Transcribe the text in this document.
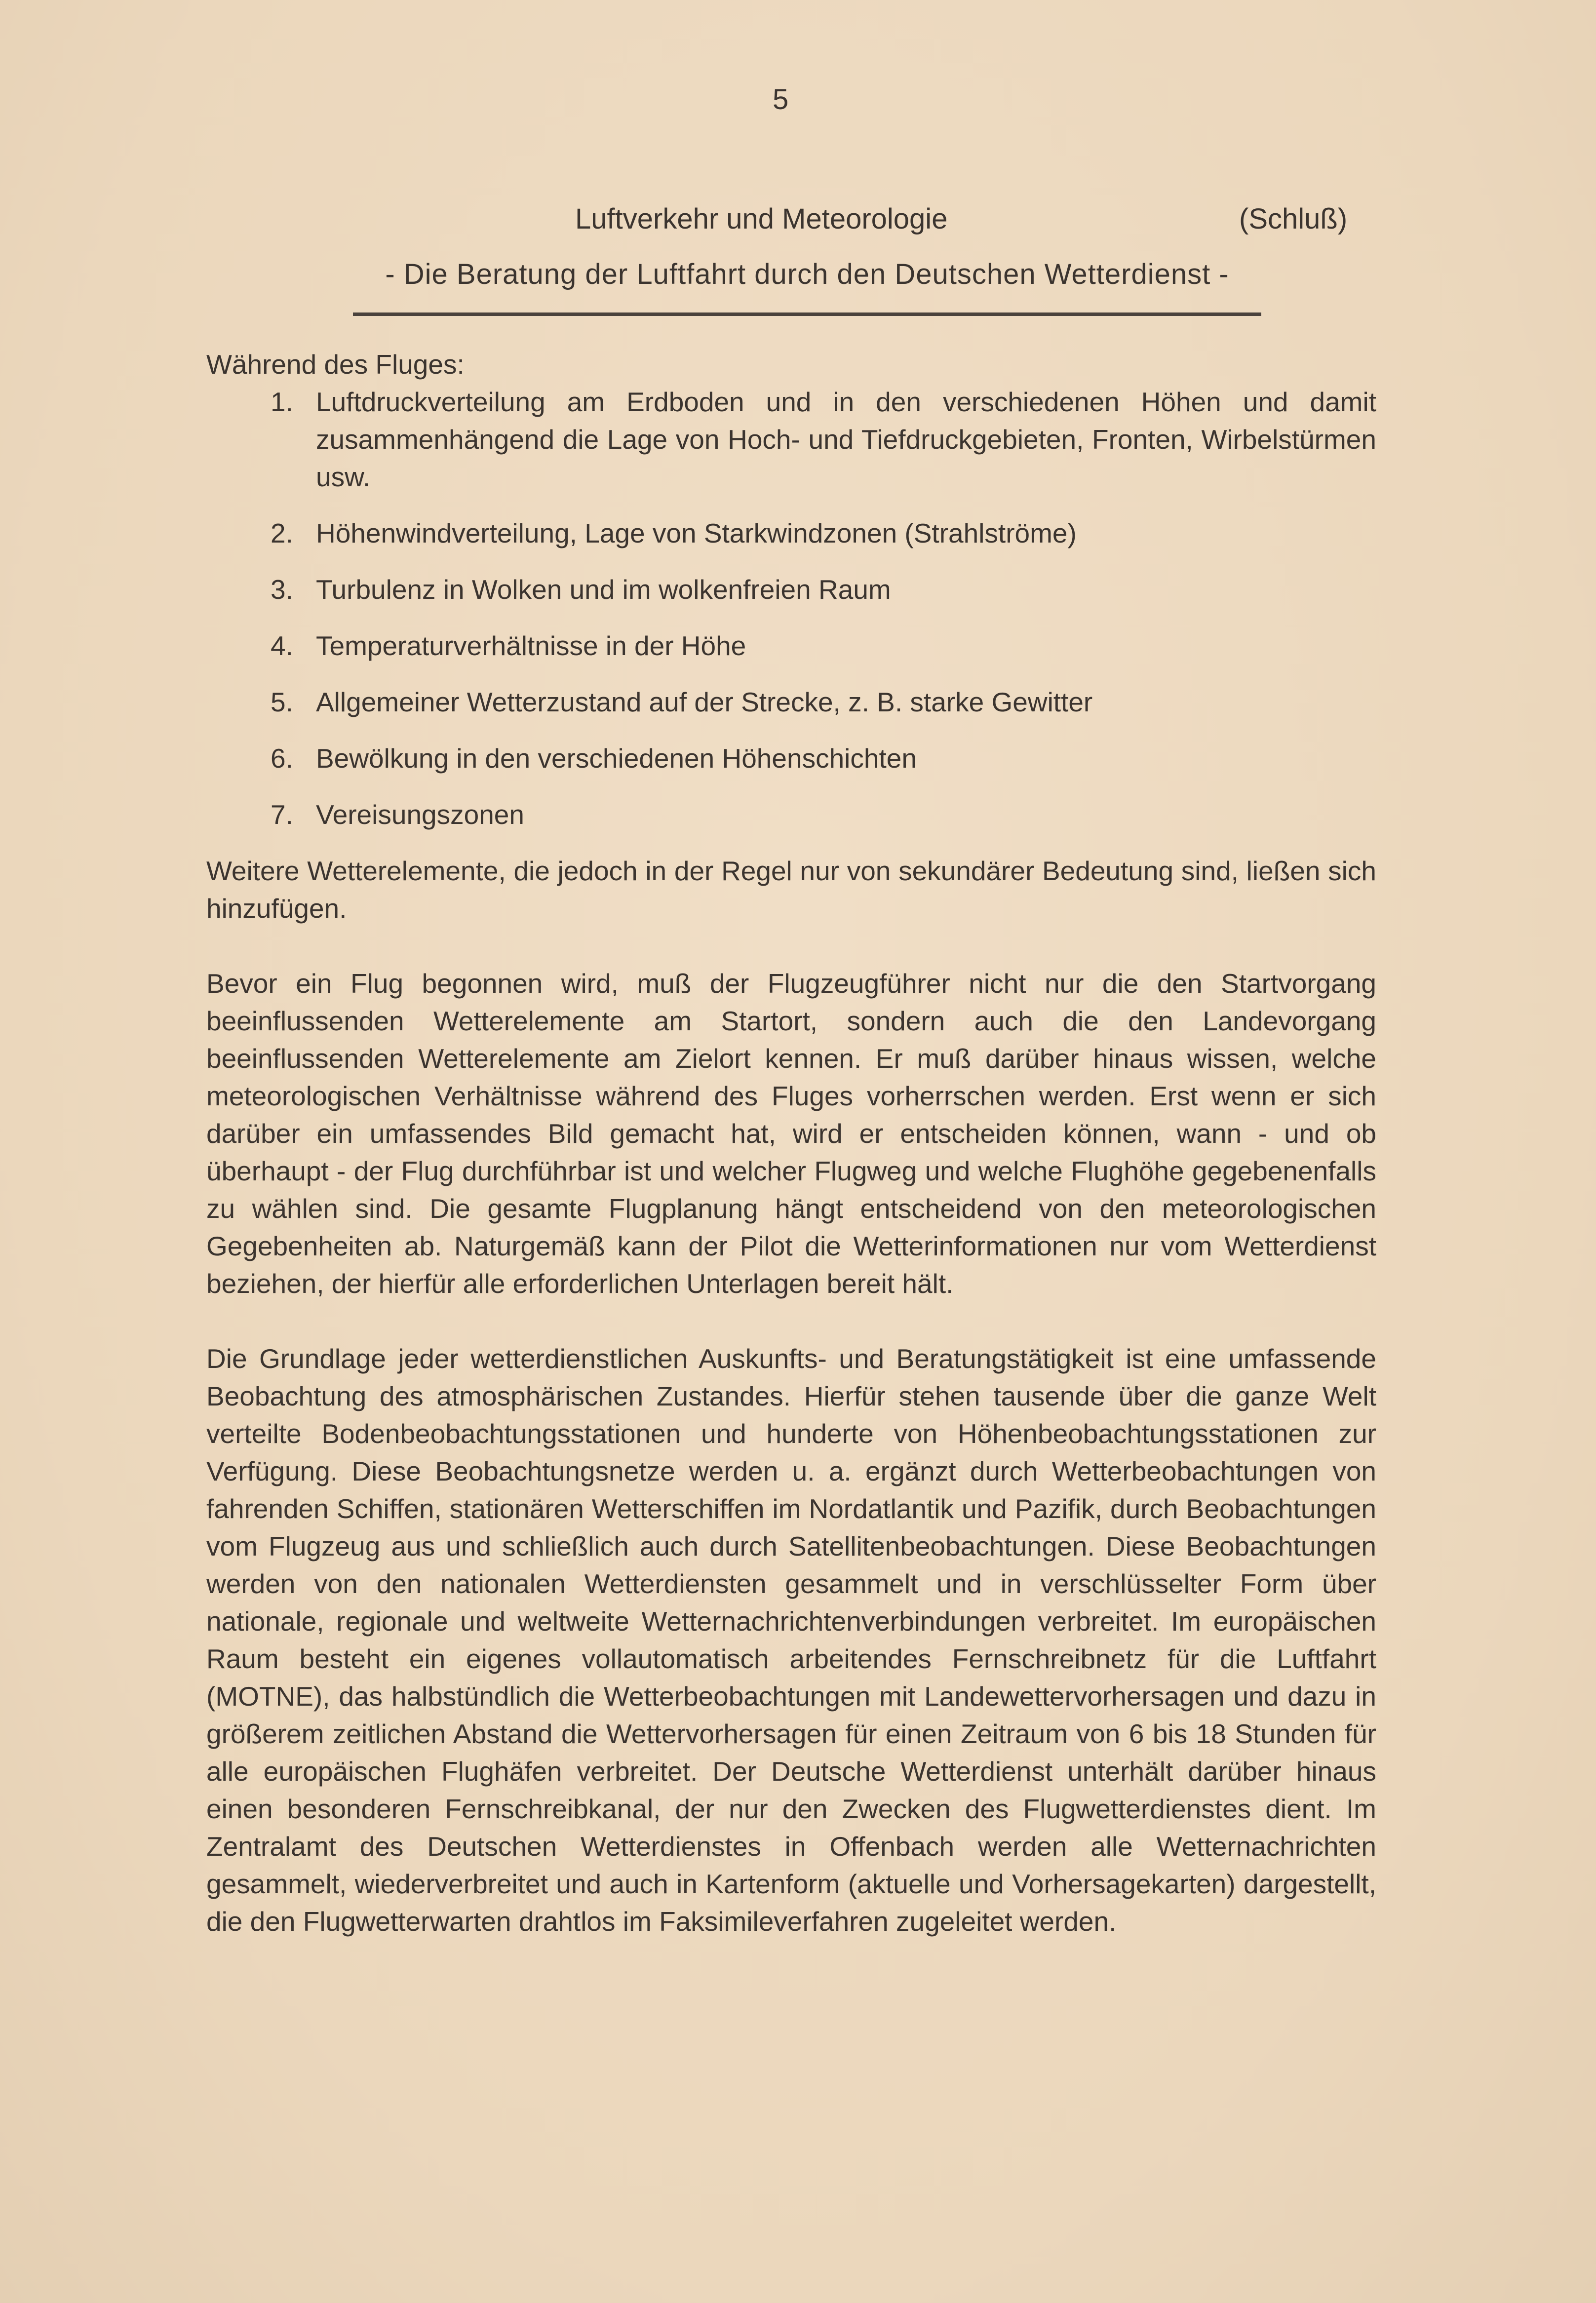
5
Luftverkehr und Meteorologie	(Schluß)
- Die Beratung der Luftfahrt durch den Deutschen Wetterdienst -

Während des Fluges:

1. Luftdruckverteilung am Erdboden und in den verschiedenen Höhen und damit zusammenhängend die Lage von Hoch- und Tiefdruckgebieten, Fronten, Wirbelstürmen usw.
2. Höhenwindverteilung, Lage von Starkwindzonen (Strahlströme)
3. Turbulenz in Wolken und im wolkenfreien Raum
4. Temperaturverhältnisse in der Höhe
5. Allgemeiner Wetterzustand auf der Strecke, z. B. starke Gewitter
6. Bewölkung in den verschiedenen Höhenschichten
7. Vereisungszonen

Weitere Wetterelemente, die jedoch in der Regel nur von sekundärer Bedeutung sind, ließen sich hinzufügen.

Bevor ein Flug begonnen wird, muß der Flugzeugführer nicht nur die den Startvorgang beeinflussenden Wetterelemente am Startort, sondern auch die den Landevorgang beeinflussenden Wetterelemente am Zielort kennen. Er muß darüber hinaus wissen, welche meteorologischen Verhältnisse während des Fluges vorherrschen werden. Erst wenn er sich darüber ein umfassendes Bild gemacht hat, wird er entscheiden können, wann - und ob überhaupt - der Flug durchführbar ist und welcher Flugweg und welche Flughöhe gegebenenfalls zu wählen sind. Die gesamte Flugplanung hängt entscheidend von den meteorologischen Gegebenheiten ab. Naturgemäß kann der Pilot die Wetterinformationen nur vom Wetterdienst beziehen, der hierfür alle erforderlichen Unterlagen bereit hält.

Die Grundlage jeder wetterdienstlichen Auskunfts- und Beratungstätigkeit ist eine umfassende Beobachtung des atmosphärischen Zustandes. Hierfür stehen tausende über die ganze Welt verteilte Bodenbeobachtungsstationen und hunderte von Höhenbeobachtungsstationen zur Verfügung. Diese Beobachtungsnetze werden u. a. ergänzt durch Wetterbeobachtungen von fahrenden Schiffen, stationären Wetterschiffen im Nordatlantik und Pazifik, durch Beobachtungen vom Flugzeug aus und schließlich auch durch Satellitenbeobachtungen. Diese Beobachtungen werden von den nationalen Wetterdiensten gesammelt und in verschlüsselter Form über nationale, regionale und weltweite Wetternachrichtenverbindungen verbreitet. Im europäischen Raum besteht ein eigenes vollautomatisch arbeitendes Fernschreibnetz für die Luftfahrt (MOTNE), das halbstündlich die Wetterbeobachtungen mit Landewettervorhersagen und dazu in größerem zeitlichen Abstand die Wettervorhersagen für einen Zeitraum von 6 bis 18 Stunden für alle europäischen Flughäfen verbreitet. Der Deutsche Wetterdienst unterhält darüber hinaus einen besonderen Fernschreibkanal, der nur den Zwecken des Flugwetterdienstes dient. Im Zentralamt des Deutschen Wetterdienstes in Offenbach werden alle Wetternachrichten gesammelt, wiederverbreitet und auch in Kartenform (aktuelle und Vorhersagekarten) dargestellt, die den Flugwetterwarten drahtlos im Faksimileverfahren zugeleitet werden.
